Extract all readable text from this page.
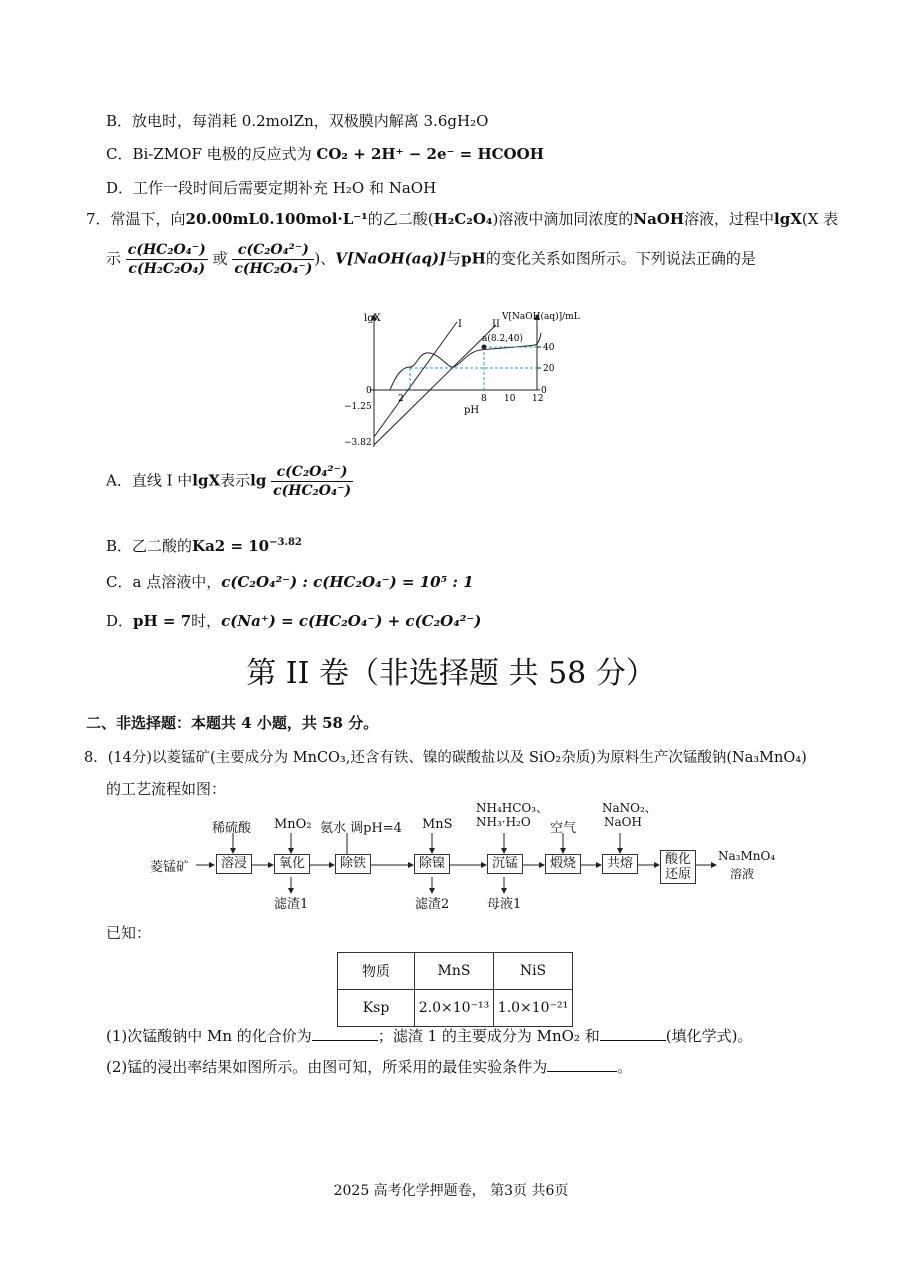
B．放电时，每消耗 0.2molZn，双极膜内解离 3.6gH₂O
C．Bi-ZMOF 电极的反应式为 CO₂ + 2H⁺ − 2e⁻ = HCOOH
D．工作一段时间后需要定期补充 H₂O 和 NaOH
7．常温下，向20.00mL0.100mol·L⁻¹的乙二酸(H₂C₂O₄)溶液中滴加同浓度的NaOH溶液，过程中lgX(X 表
示 $\frac{\text{c(HC₂O₄⁻)}}{\text{c(H₂C₂O₄)}}$ 或 $\frac{\text{c(C₂O₄²⁻)}}{\text{c(HC₂O₄⁻)}}$ )、V[NaOH(aq)]与pH的变化关系如图所示。下列说法正确的是
lgX	V[NaOH(aq)]/mL
I	II
a(8.2,40)
0
−1.25
−3.82
2	8 10 12
pH
40
20
0
A．直线 I 中lgX表示$\lg \frac{\text{c(C₂O₄²⁻)}}{\text{c(HC₂O₄⁻)}}$
B．乙二酸的$Ka2 = 10^{-3.82}$
C．a 点溶液中，c(C₂O₄²⁻) : c(HC₂O₄⁻) = 10⁵ : 1
D．pH = 7时，c(Na⁺) = c(HC₂O₄⁻) + c(C₂O₄²⁻)
第 II 卷（非选择题 共 58 分）
二、非选择题：本题共 4 小题，共 58 分。
8．(14分)以菱锰矿(主要成分为 MnCO₃,还含有铁、镍的碳酸盐以及 SiO₂杂质)为原料生产次锰酸钠(Na₃MnO₄)
的工艺流程如图：
菱锰矿	溶浸	氧化	除铁	除镍	沉锰	煅烧	共熔	酸化还原
稀硫酸 MnO₂ 氨水 调pH=4 MnS
NH₄HCO₃、
NH₃·H₂O 空气
NaNO₂、
NaOH
滤渣1	滤渣2	母液1
Na₃MnO₄
溶液
已知：
物质	MnS	NiS
Ksp	2.0×10⁻¹³	1.0×10⁻²¹
(1)次锰酸钠中 Mn 的化合价为	；滤渣 1 的主要成分为 MnO₂ 和	(填化学式)。
(2)锰的浸出率结果如图所示。由图可知，所采用的最佳实验条件为	。
2025 高考化学押题卷， 第3页 共6页
